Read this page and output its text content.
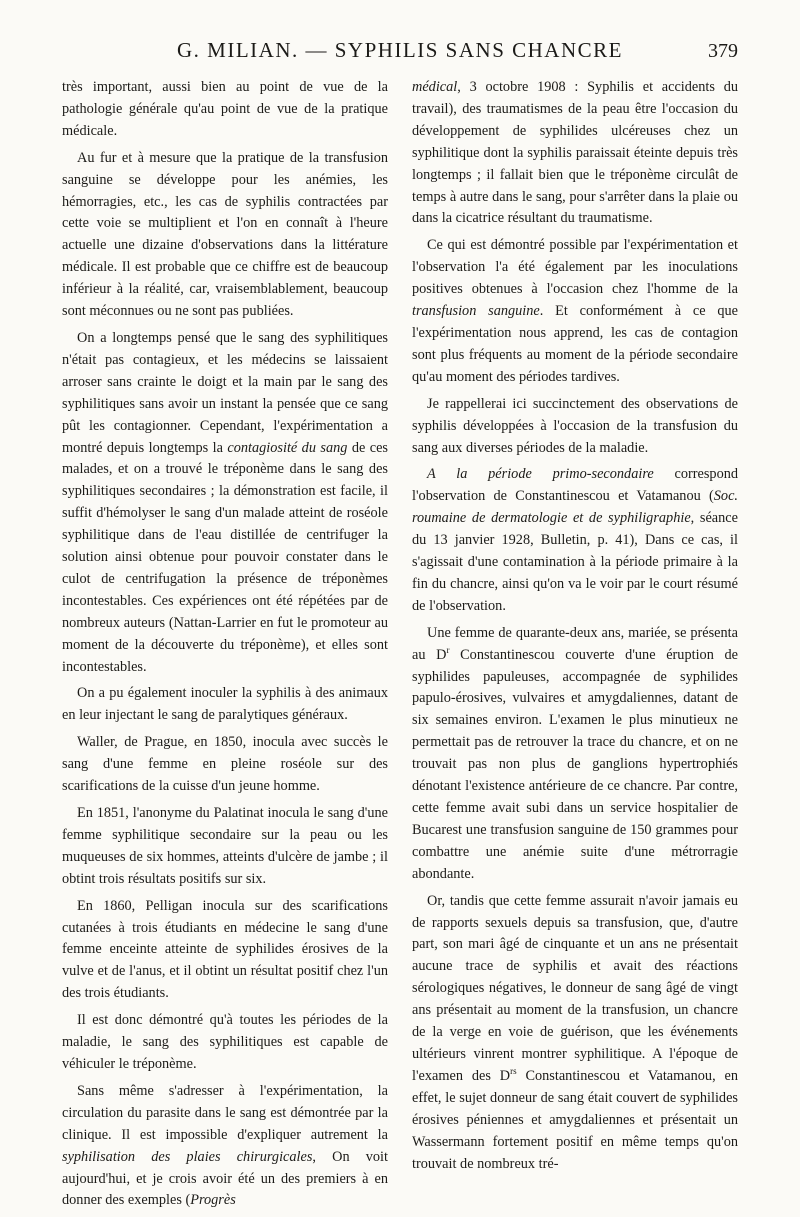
G. MILIAN. — SYPHILIS SANS CHANCRE	379

très important, aussi bien au point de vue de la pathologie générale qu'au point de vue de la pratique médicale.

Au fur et à mesure que la pratique de la transfusion sanguine se développe pour les anémies, les hémorragies, etc., les cas de syphilis contractées par cette voie se multiplient et l'on en connaît à l'heure actuelle une dizaine d'observations dans la littérature médicale. Il est probable que ce chiffre est de beaucoup inférieur à la réalité, car, vraisemblablement, beaucoup sont méconnues ou ne sont pas publiées.

On a longtemps pensé que le sang des syphilitiques n'était pas contagieux, et les médecins se laissaient arroser sans crainte le doigt et la main par le sang des syphilitiques sans avoir un instant la pensée que ce sang pût les contagionner. Cependant, l'expérimentation a montré depuis longtemps la contagiosité du sang de ces malades, et on a trouvé le tréponème dans le sang des syphilitiques secondaires ; la démonstration est facile, il suffit d'hémolyser le sang d'un malade atteint de roséole syphilitique dans de l'eau distillée de centrifuger la solution ainsi obtenue pour pouvoir constater dans le culot de centrifugation la présence de tréponèmes incontestables. Ces expériences ont été répétées par de nombreux auteurs (Nattan-Larrier en fut le promoteur au moment de la découverte du tréponème), et elles sont incontestables.

On a pu également inoculer la syphilis à des animaux en leur injectant le sang de paralytiques généraux.

Waller, de Prague, en 1850, inocula avec succès le sang d'une femme en pleine roséole sur des scarifications de la cuisse d'un jeune homme.

En 1851, l'anonyme du Palatinat inocula le sang d'une femme syphilitique secondaire sur la peau ou les muqueuses de six hommes, atteints d'ulcère de jambe ; il obtint trois résultats positifs sur six.

En 1860, Pelligan inocula sur des scarifications cutanées à trois étudiants en médecine le sang d'une femme enceinte atteinte de syphilides érosives de la vulve et de l'anus, et il obtint un résultat positif chez l'un des trois étudiants.

Il est donc démontré qu'à toutes les périodes de la maladie, le sang des syphilitiques est capable de véhiculer le tréponème.

Sans même s'adresser à l'expérimentation, la circulation du parasite dans le sang est démontrée par la clinique. Il est impossible d'expliquer autrement la syphilisation des plaies chirurgicales, On voit aujourd'hui, et je crois avoir été un des premiers à en donner des exemples (Progrès

médical, 3 octobre 1908 : Syphilis et accidents du travail), des traumatismes de la peau être l'occasion du développement de syphilides ulcéreuses chez un syphilitique dont la syphilis paraissait éteinte depuis très longtemps ; il fallait bien que le tréponème circulât de temps à autre dans le sang, pour s'arrêter dans la plaie ou dans la cicatrice résultant du traumatisme.

Ce qui est démontré possible par l'expérimentation et l'observation l'a été également par les inoculations positives obtenues à l'occasion chez l'homme de la transfusion sanguine. Et conformément à ce que l'expérimentation nous apprend, les cas de contagion sont plus fréquents au moment de la période secondaire qu'au moment des périodes tardives.

Je rappellerai ici succinctement des observations de syphilis développées à l'occasion de la transfusion du sang aux diverses périodes de la maladie.

A la période primo-secondaire correspond l'observation de Constantinescou et Vatamanou (Soc. roumaine de dermatologie et de syphiligraphie, séance du 13 janvier 1928, Bulletin, p. 41), Dans ce cas, il s'agissait d'une contamination à la période primaire à la fin du chancre, ainsi qu'on va le voir par le court résumé de l'observation.

Une femme de quarante-deux ans, mariée, se présenta au $D^r$ Constantinescou couverte d'une éruption de syphilides papuleuses, accompagnée de syphilides papulo-érosives, vulvaires et amygdaliennes, datant de six semaines environ. L'examen le plus minutieux ne permettait pas de retrouver la trace du chancre, et on ne trouvait pas non plus de ganglions hypertrophiés dénotant l'existence antérieure de ce chancre. Par contre, cette femme avait subi dans un service hospitalier de Bucarest une transfusion sanguine de 150 grammes pour combattre une anémie suite d'une métrorragie abondante.

Or, tandis que cette femme assurait n'avoir jamais eu de rapports sexuels depuis sa transfusion, que, d'autre part, son mari âgé de cinquante et un ans ne présentait aucune trace de syphilis et avait des réactions sérologiques négatives, le donneur de sang âgé de vingt ans présentait au moment de la transfusion, un chancre de la verge en voie de guérison, que les événements ultérieurs vinrent montrer syphilitique. A l'époque de l'examen des $D^{rs}$ Constantinescou et Vatamanou, en effet, le sujet donneur de sang était couvert de syphilides érosives péniennes et amygdaliennes et présentait un Wassermann fortement positif en même temps qu'on trouvait de nombreux tré-
